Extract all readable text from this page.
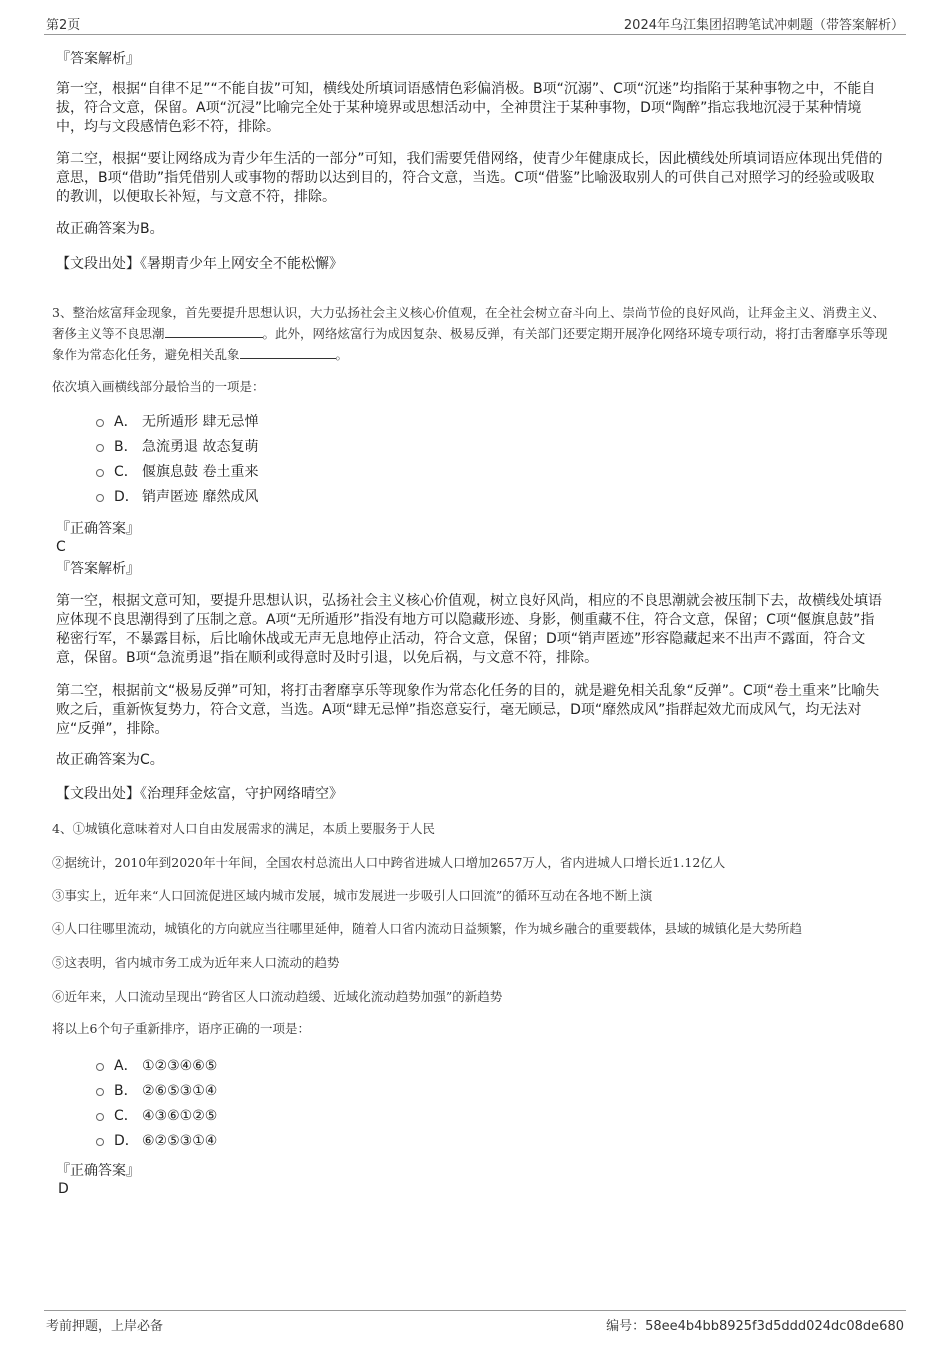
第2页	2024年乌江集团招聘笔试冲刺题（带答案解析）
『答案解析』

第一空，根据“自律不足”“不能自拔”可知，横线处所填词语感情色彩偏消极。B项“沉溺”、C项“沉迷”均指陷于某种事物之中，不能自拔，符合文意，保留。A项“沉浸”比喻完全处于某种境界或思想活动中，全神贯注于某种事物，D项“陶醉”指忘我地沉浸于某种情境中，均与文段感情色彩不符，排除。

第二空，根据“要让网络成为青少年生活的一部分”可知，我们需要凭借网络，使青少年健康成长，因此横线处所填词语应体现出凭借的意思，B项“借助”指凭借别人或事物的帮助以达到目的，符合文意，当选。C项“借鉴”比喻汲取别人的可供自己对照学习的经验或吸取的教训，以便取长补短，与文意不符，排除。

故正确答案为B。

【文段出处】《暑期青少年上网安全不能松懈》

3、整治炫富拜金现象，首先要提升思想认识，大力弘扬社会主义核心价值观，在全社会树立奋斗向上、崇尚节俭的良好风尚，让拜金主义、消费主义、奢侈主义等不良思潮	。此外，网络炫富行为成因复杂、极易反弹，有关部门还要定期开展净化网络环境专项行动，将打击奢靡享乐等现象作为常态化任务，避免相关乱象	。

依次填入画横线部分最恰当的一项是：

A． 无所遁形 肆无忌惮
B． 急流勇退 故态复萌
C． 偃旗息鼓 卷土重来
D． 销声匿迹 靡然成风

『正确答案』

C

『答案解析』

第一空，根据文意可知，要提升思想认识，弘扬社会主义核心价值观，树立良好风尚，相应的不良思潮就会被压制下去，故横线处填语应体现不良思潮得到了压制之意。A项“无所遁形”指没有地方可以隐藏形迹、身影，侧重藏不住，符合文意，保留；C项“偃旗息鼓”指秘密行军，不暴露目标，后比喻休战或无声无息地停止活动，符合文意，保留；D项“销声匿迹”形容隐藏起来不出声不露面，符合文意，保留。B项“急流勇退”指在顺利或得意时及时引退，以免后祸，与文意不符，排除。

第二空，根据前文“极易反弹”可知，将打击奢靡享乐等现象作为常态化任务的目的，就是避免相关乱象“反弹”。C项“卷土重来”比喻失败之后，重新恢复势力，符合文意，当选。A项“肆无忌惮”指恣意妄行，毫无顾忌，D项“靡然成风”指群起效尤而成风气，均无法对应“反弹”，排除。

故正确答案为C。

【文段出处】《治理拜金炫富，守护网络晴空》

4、①城镇化意味着对人口自由发展需求的满足，本质上要服务于人民

②据统计，2010年到2020年十年间，全国农村总流出人口中跨省进城人口增加2657万人，省内进城人口增长近1.12亿人

③事实上，近年来“人口回流促进区域内城市发展，城市发展进一步吸引人口回流”的循环互动在各地不断上演

④人口往哪里流动，城镇化的方向就应当往哪里延伸，随着人口省内流动日益频繁，作为城乡融合的重要载体，县域的城镇化是大势所趋

⑤这表明，省内城市务工成为近年来人口流动的趋势

⑥近年来，人口流动呈现出“跨省区人口流动趋缓、近域化流动趋势加强”的新趋势

将以上6个句子重新排序，语序正确的一项是：

A． ①②③④⑥⑤
B． ②⑥⑤③①④
C． ④③⑥①②⑤
D． ⑥②⑤③①④

『正确答案』

D

考前押题，上岸必备	编号：58ee4b4bb8925f3d5ddd024dc08de680
